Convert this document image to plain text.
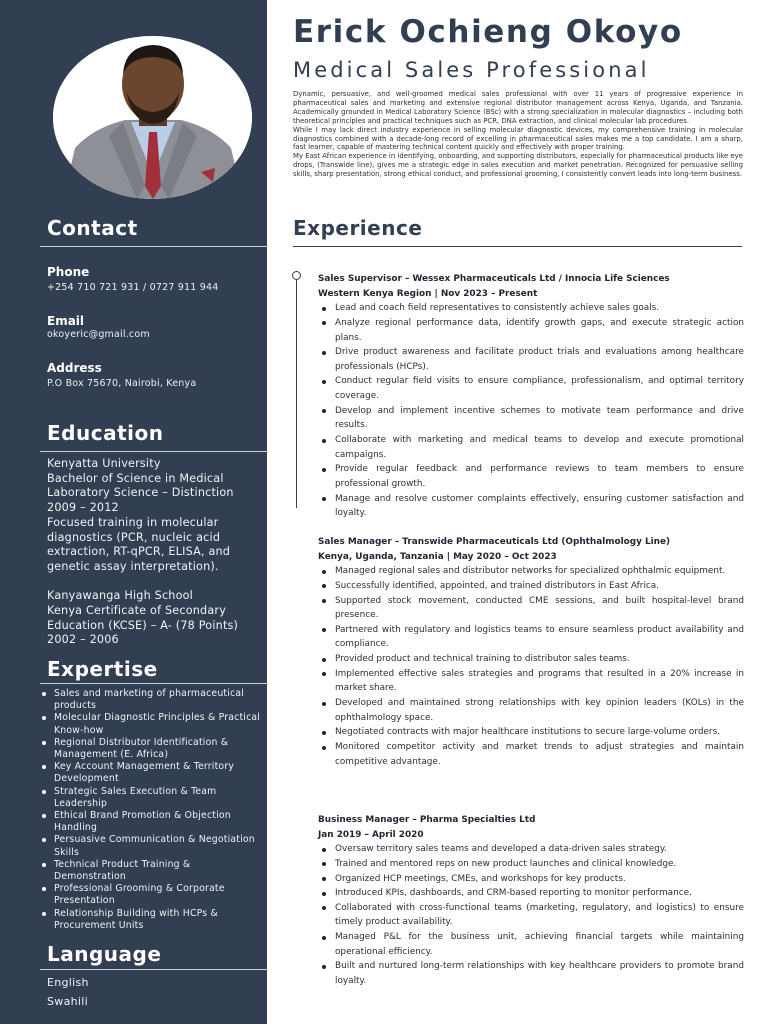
Contact
Phone
+254 710 721 931 / 0727 911 944
Email
okoyeric@gmail.com
Address
P.O Box 75670, Nairobi, Kenya
Education
Kenyatta University
Bachelor of Science in Medical
Laboratory Science – Distinction
2009 – 2012
Focused training in molecular
diagnostics (PCR, nucleic acid
extraction, RT-qPCR, ELISA, and
genetic assay interpretation).
Kanyawanga High School
Kenya Certificate of Secondary
Education (KCSE) – A- (78 Points)
2002 – 2006
Expertise
Sales and marketing of pharmaceutical products
Molecular Diagnostic Principles & Practical Know-how
Regional Distributor Identification & Management (E. Africa)
Key Account Management & Territory Development
Strategic Sales Execution & Team Leadership
Ethical Brand Promotion & Objection Handling
Persuasive Communication & Negotiation Skills
Technical Product Training & Demonstration
Professional Grooming & Corporate Presentation
Relationship Building with HCPs & Procurement Units
Language
English
Swahili
Erick Ochieng Okoyo
Medical Sales Professional
Dynamic, persuasive, and well-groomed medical sales professional with over 11 years of progressive experience in pharmaceutical sales and marketing and extensive regional distributor management across Kenya, Uganda, and Tanzania. Academically grounded in Medical Laboratory Science (BSc) with a strong specialization in molecular diagnostics – including both theoretical principles and practical techniques such as PCR, DNA extraction, and clinical molecular lab procedures.
While I may lack direct industry experience in selling molecular diagnostic devices, my comprehensive training in molecular diagnostics combined with a decade-long record of excelling in pharmaceutical sales makes me a top candidate. I am a sharp, fast learner, capable of mastering technical content quickly and effectively with proper training.
My East African experience in identifying, onboarding, and supporting distributors, especially for pharmaceutical products like eye drops, (Transwide line), gives me a strategic edge in sales execution and market penetration. Recognized for persuasive selling skills, sharp presentation, strong ethical conduct, and professional grooming, I consistently convert leads into long-term business.
Experience
Sales Supervisor – Wessex Pharmaceuticals Ltd / Innocia Life Sciences
Western Kenya Region | Nov 2023 – Present
Lead and coach field representatives to consistently achieve sales goals.
Analyze regional performance data, identify growth gaps, and execute strategic action plans.
Drive product awareness and facilitate product trials and evaluations among healthcare professionals (HCPs).
Conduct regular field visits to ensure compliance, professionalism, and optimal territory coverage.
Develop and implement incentive schemes to motivate team performance and drive results.
Collaborate with marketing and medical teams to develop and execute promotional campaigns.
Provide regular feedback and performance reviews to team members to ensure professional growth.
Manage and resolve customer complaints effectively, ensuring customer satisfaction and loyalty.
Sales Manager – Transwide Pharmaceuticals Ltd (Ophthalmology Line)
Kenya, Uganda, Tanzania | May 2020 – Oct 2023
Managed regional sales and distributor networks for specialized ophthalmic equipment.
Successfully identified, appointed, and trained distributors in East Africa.
Supported stock movement, conducted CME sessions, and built hospital-level brand presence.
Partnered with regulatory and logistics teams to ensure seamless product availability and compliance.
Provided product and technical training to distributor sales teams.
Implemented effective sales strategies and programs that resulted in a 20% increase in market share.
Developed and maintained strong relationships with key opinion leaders (KOLs) in the ophthalmology space.
Negotiated contracts with major healthcare institutions to secure large-volume orders.
Monitored competitor activity and market trends to adjust strategies and maintain competitive advantage.
Business Manager – Pharma Specialties Ltd
Jan 2019 – April 2020
Oversaw territory sales teams and developed a data-driven sales strategy.
Trained and mentored reps on new product launches and clinical knowledge.
Organized HCP meetings, CMEs, and workshops for key products.
Introduced KPIs, dashboards, and CRM-based reporting to monitor performance.
Collaborated with cross-functional teams (marketing, regulatory, and logistics) to ensure timely product availability.
Managed P&L for the business unit, achieving financial targets while maintaining operational efficiency.
Built and nurtured long-term relationships with key healthcare providers to promote brand loyalty.
